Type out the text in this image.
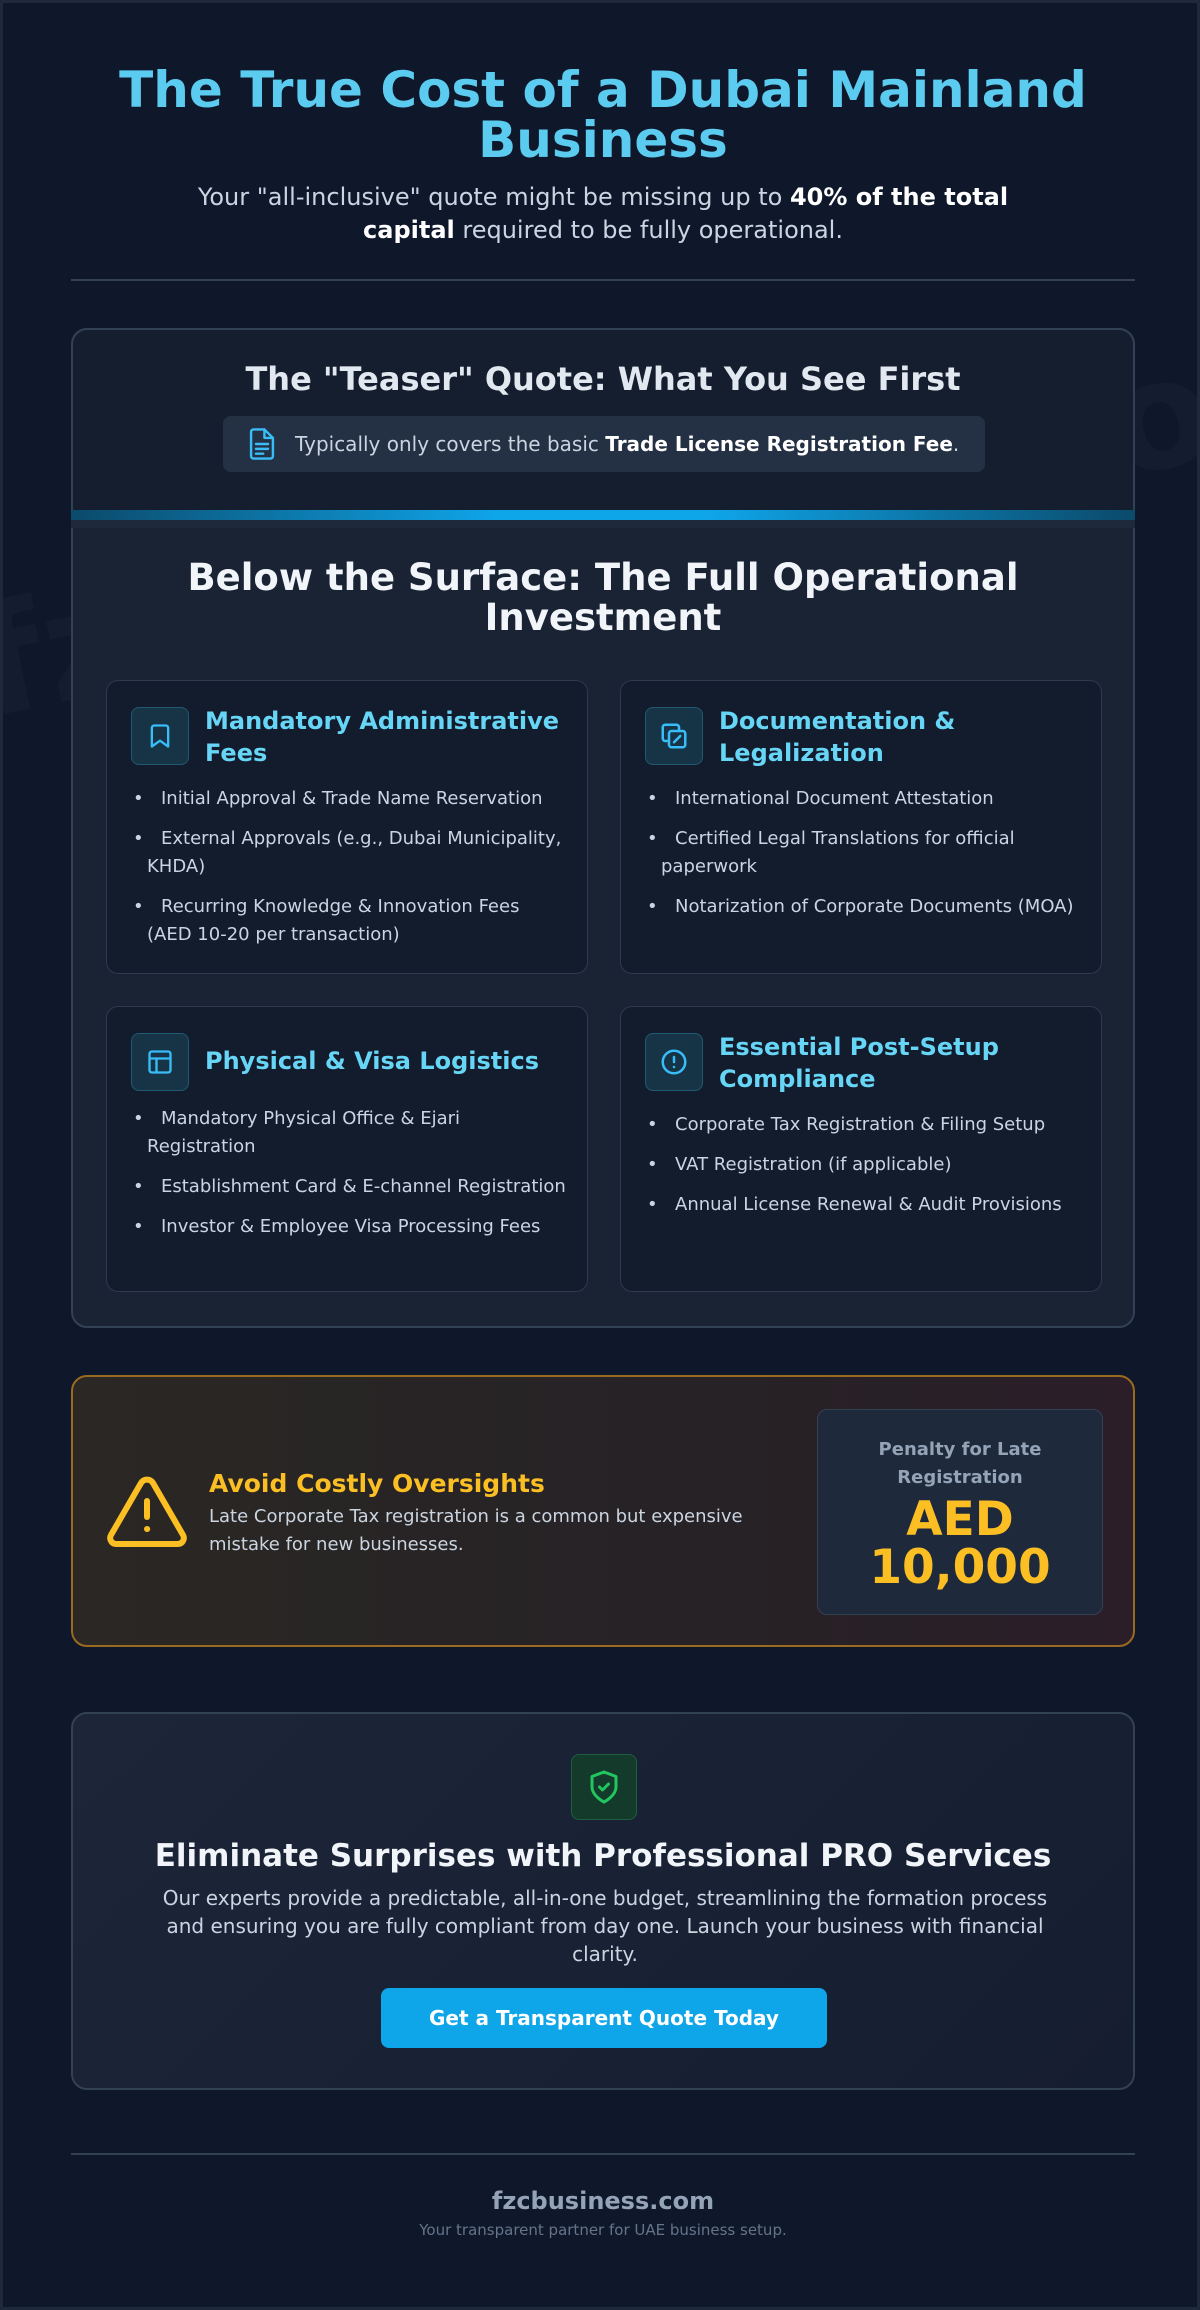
The True Cost of a Dubai Mainland Business

Your "all-inclusive" quote might be missing up to 40% of the total capital required to be fully operational.

The "Teaser" Quote: What You See First
Typically only covers the basic
Trade License Registration Fee .
Below the Surface: The Full Operational Investment
Mandatory Administrative Fees
• Initial Approval & Trade Name Reservation
• External Approvals (e.g., Dubai Municipality, KHDA)
• Recurring Knowledge & Innovation Fees (AED 10-20 per transaction)
Documentation & Legalization
• International Document Attestation
• Certified Legal Translations for official paperwork
• Notarization of Corporate Documents (MOA)
Physical & Visa Logistics
• Mandatory Physical Office & Ejari Registration
• Establishment Card & E-channel Registration
• Investor & Employee Visa Processing Fees
Essential Post-Setup Compliance
• Corporate Tax Registration & Filing Setup
• VAT Registration (if applicable)
• Annual License Renewal & Audit Provisions
Avoid Costly Oversights

Late Corporate Tax registration is a common but expensive mistake for new businesses.

Penalty for Late Registration
AED 10,000
Eliminate Surprises with Professional PRO Services

Our experts provide a predictable, all-in-one budget, streamlining the formation process and ensuring you are fully compliant from day one. Launch your business with financial clarity.

Get a Transparent Quote Today
fzcbusiness.com
Your transparent partner for UAE business setup.
